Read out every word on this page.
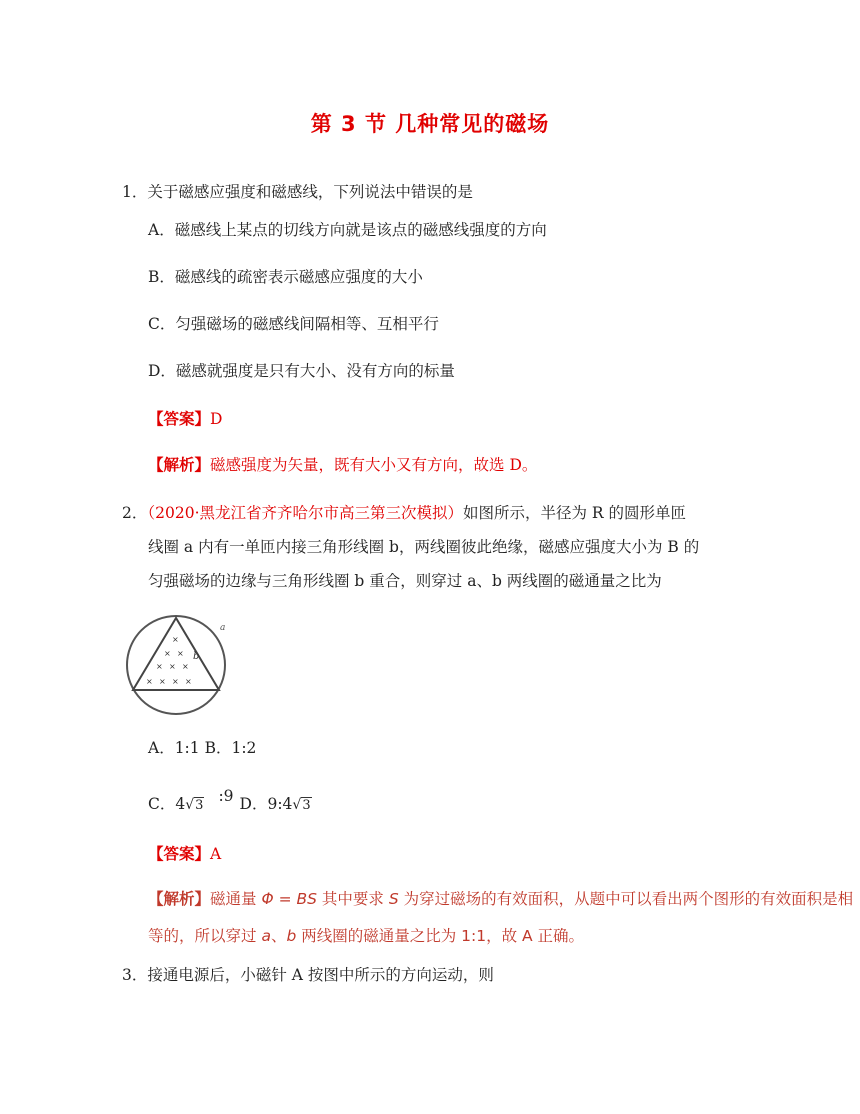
第 3 节 几种常见的磁场
1．关于磁感应强度和磁感线，下列说法中错误的是
A．磁感线上某点的切线方向就是该点的磁感线强度的方向
B．磁感线的疏密表示磁感应强度的大小
C．匀强磁场的磁感线间隔相等、互相平行
D．磁感就强度是只有大小、没有方向的标量
【答案】D
【解析】磁感强度为矢量，既有大小又有方向，故选 D。
2．（2020·黑龙江省齐齐哈尔市高三第三次模拟）如图所示，半径为 R 的圆形单匝
线圈 a 内有一单匝内接三角形线圈 b，两线圈彼此绝缘，磁感应强度大小为 B 的
匀强磁场的边缘与三角形线圈 b 重合，则穿过 a、b 两线圈的磁通量之比为
×
× ×
× × ×
× × × ×
b
a
A．1:1 B．1:2
C．4√3 :9 D．9:4√3
【答案】A
【解析】磁通量 Φ = BS 其中要求 S 为穿过磁场的有效面积，从题中可以看出两个图形的有效面积是相
等的，所以穿过 a、b 两线圈的磁通量之比为 1:1，故 A 正确。
3．接通电源后，小磁针 A 按图中所示的方向运动，则
